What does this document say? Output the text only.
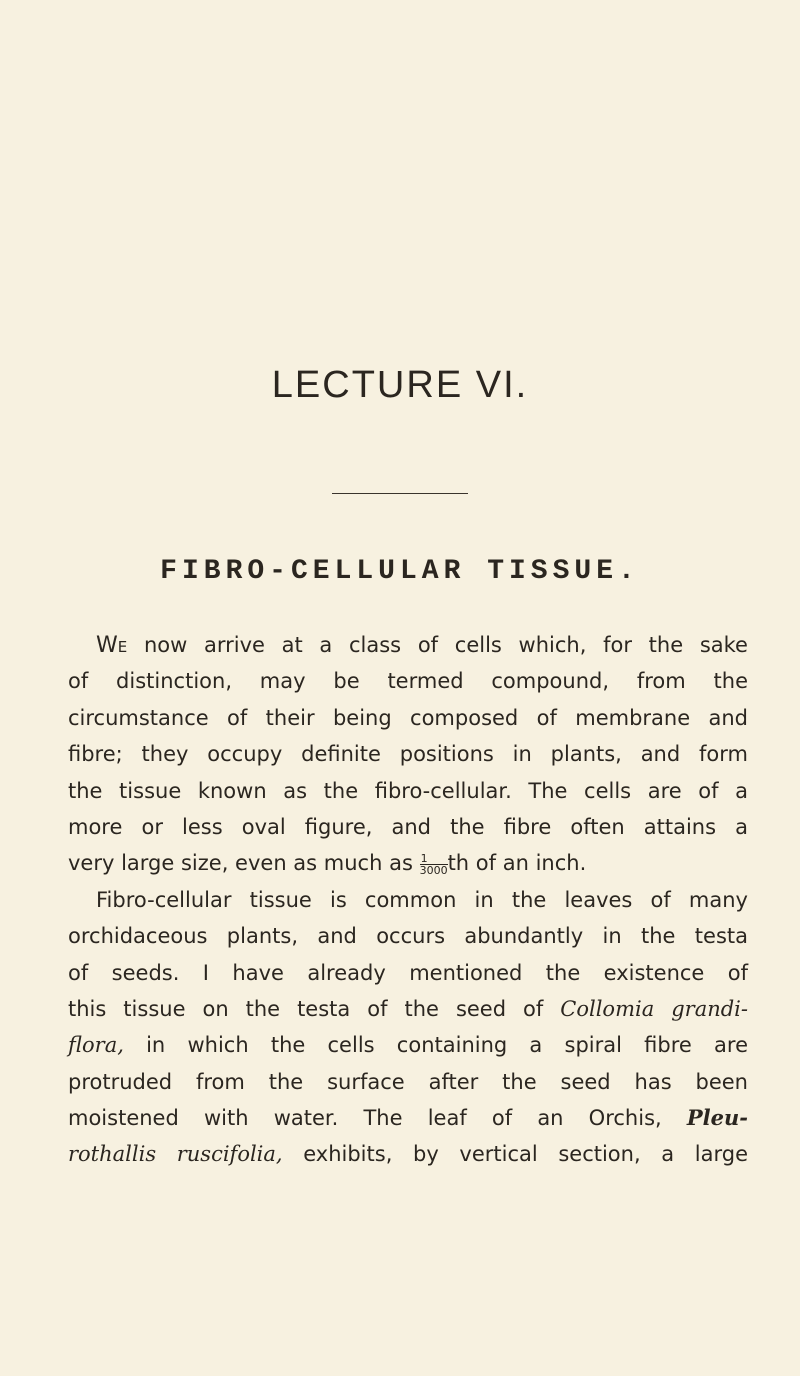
LECTURE VI.
FIBRO-CELLULAR TISSUE.
We now arrive at a class of cells which, for the sake
of distinction, may be termed compound, from the
circumstance of their being composed of membrane and
fibre; they occupy definite positions in plants, and form
the tissue known as the fibro-cellular. The cells are of a
more or less oval figure, and the fibre often attains a
very large size, even as much as $\frac{1}{3000}$ th of an inch.
Fibro-cellular tissue is common in the leaves of many
orchidaceous plants, and occurs abundantly in the testa
of seeds. I have already mentioned the existence of
this tissue on the testa of the seed of Collomia grandi-
flora, in which the cells containing a spiral fibre are
protruded from the surface after the seed has been
moistened with water. The leaf of an Orchis, Pleu-
rothallis ruscifolia, exhibits, by vertical section, a large
